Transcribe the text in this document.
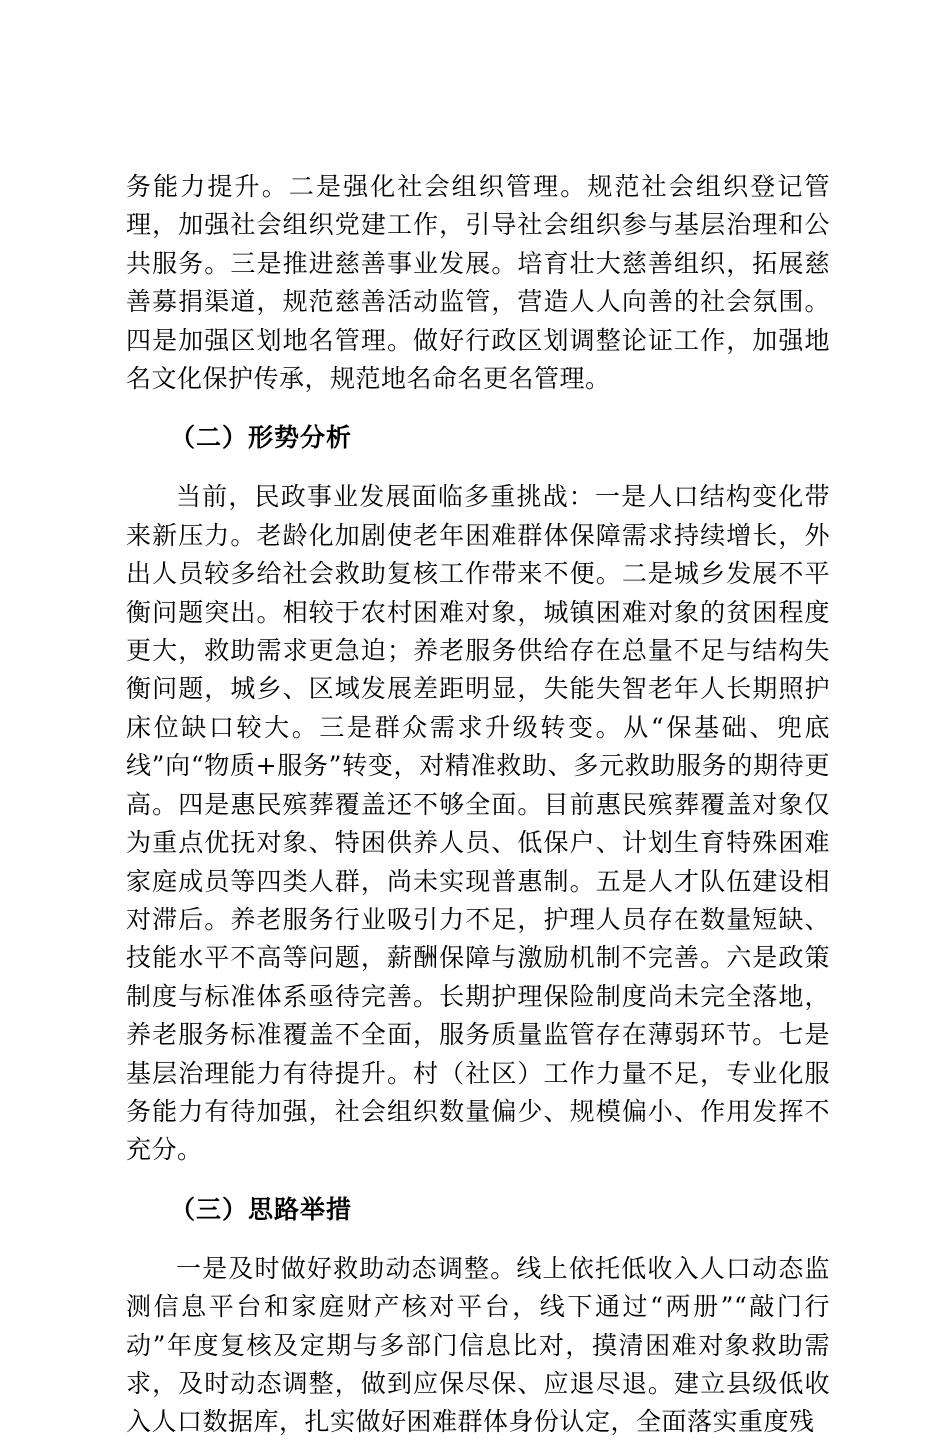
务能力提升。二是强化社会组织管理。规范社会组织登记管理，加强社会组织党建工作，引导社会组织参与基层治理和公共服务。三是推进慈善事业发展。培育壮大慈善组织，拓展慈善募捐渠道，规范慈善活动监管，营造人人向善的社会氛围。四是加强区划地名管理。做好行政区划调整论证工作，加强地名文化保护传承，规范地名命名更名管理。

（二）形势分析

当前，民政事业发展面临多重挑战：一是人口结构变化带来新压力。老龄化加剧使老年困难群体保障需求持续增长，外出人员较多给社会救助复核工作带来不便。二是城乡发展不平衡问题突出。相较于农村困难对象，城镇困难对象的贫困程度更大，救助需求更急迫；养老服务供给存在总量不足与结构失衡问题，城乡、区域发展差距明显，失能失智老年人长期照护床位缺口较大。三是群众需求升级转变。从“保基础、兜底线”向“物质+服务”转变，对精准救助、多元救助服务的期待更高。四是惠民殡葬覆盖还不够全面。目前惠民殡葬覆盖对象仅为重点优抚对象、特困供养人员、低保户、计划生育特殊困难家庭成员等四类人群，尚未实现普惠制。五是人才队伍建设相对滞后。养老服务行业吸引力不足，护理人员存在数量短缺、技能水平不高等问题，薪酬保障与激励机制不完善。六是政策制度与标准体系亟待完善。长期护理保险制度尚未完全落地，养老服务标准覆盖不全面，服务质量监管存在薄弱环节。七是基层治理能力有待提升。村（社区）工作力量不足，专业化服务能力有待加强，社会组织数量偏少、规模偏小、作用发挥不充分。

（三）思路举措

一是及时做好救助动态调整。线上依托低收入人口动态监测信息平台和家庭财产核对平台，线下通过“两册”“敲门行动”年度复核及定期与多部门信息比对，摸清困难对象救助需求，及时动态调整，做到应保尽保、应退尽退。建立县级低收入人口数据库，扎实做好困难群体身份认定，全面落实重度残
